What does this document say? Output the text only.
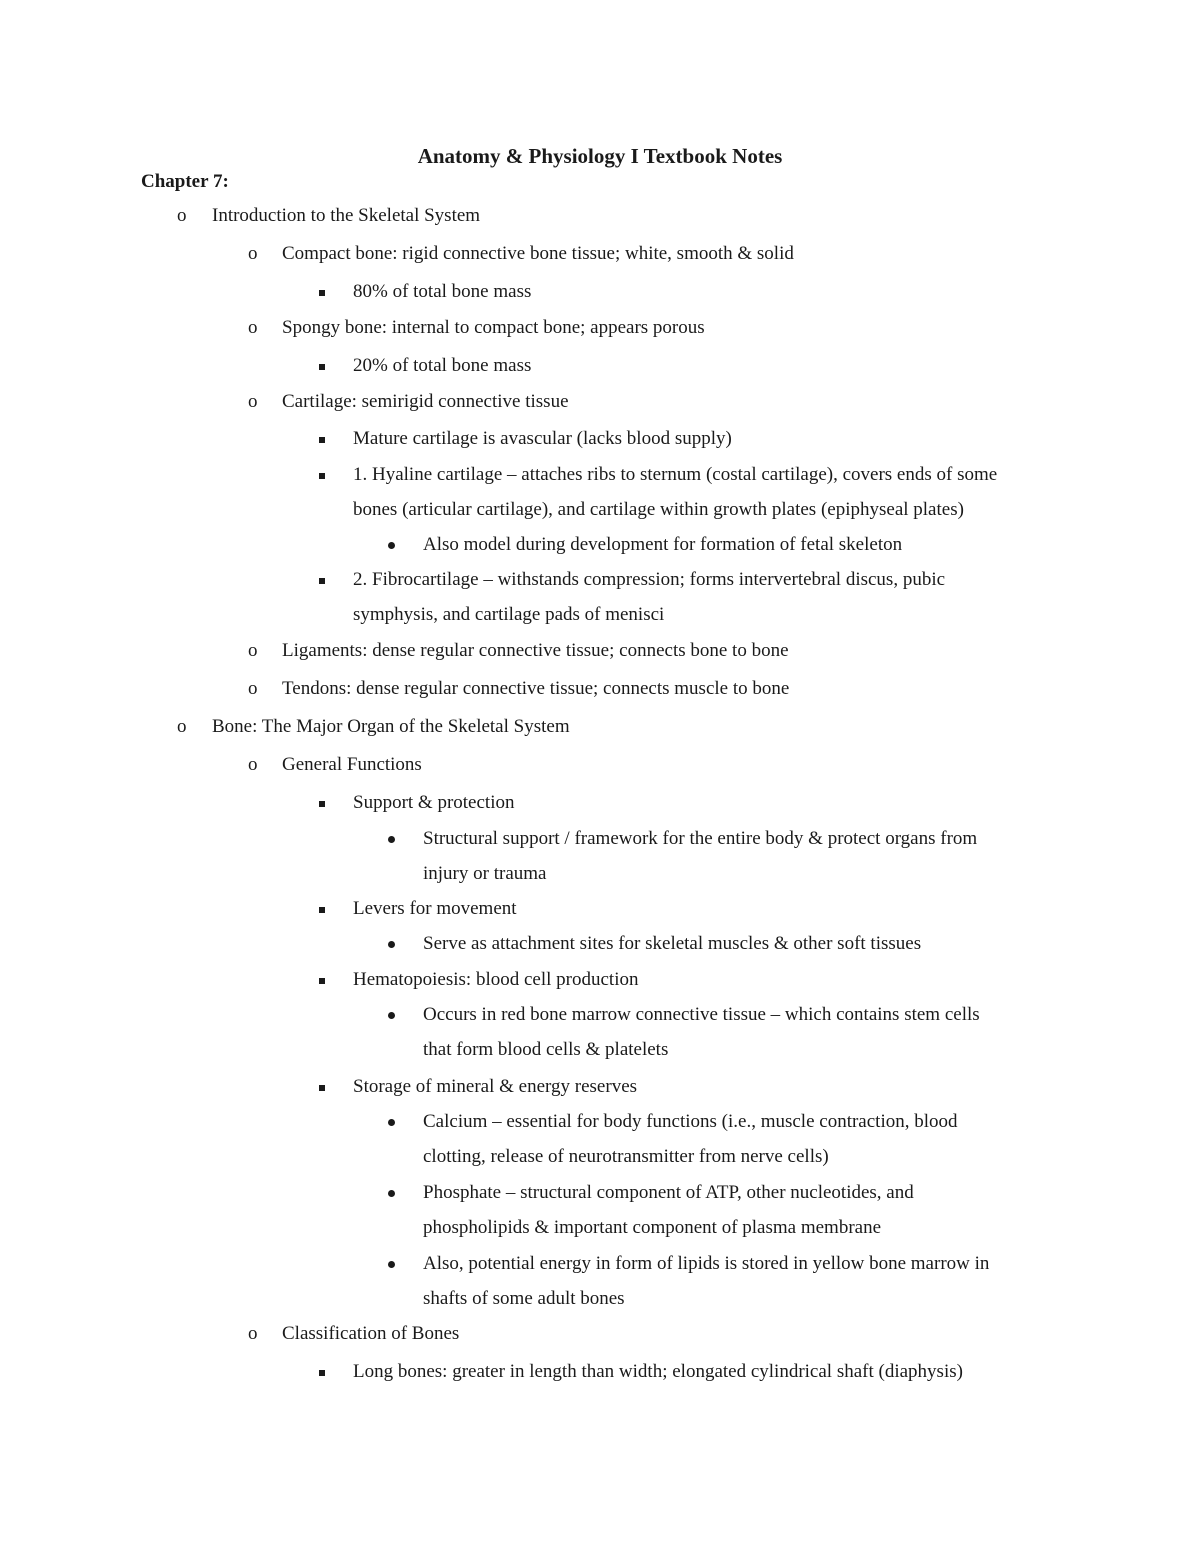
Anatomy & Physiology I Textbook Notes
Chapter 7:
o Introduction to the Skeletal System
o Compact bone: rigid connective bone tissue; white, smooth & solid
80% of total bone mass
o Spongy bone: internal to compact bone; appears porous
20% of total bone mass
o Cartilage: semirigid connective tissue
Mature cartilage is avascular (lacks blood supply)
1. Hyaline cartilage – attaches ribs to sternum (costal cartilage), covers ends of some
bones (articular cartilage), and cartilage within growth plates (epiphyseal plates)
Also model during development for formation of fetal skeleton
2. Fibrocartilage – withstands compression; forms intervertebral discus, pubic
symphysis, and cartilage pads of menisci
o Ligaments: dense regular connective tissue; connects bone to bone
o Tendons: dense regular connective tissue; connects muscle to bone
o Bone: The Major Organ of the Skeletal System
o General Functions
Support & protection
Structural support / framework for the entire body & protect organs from
injury or trauma
Levers for movement
Serve as attachment sites for skeletal muscles & other soft tissues
Hematopoiesis: blood cell production
Occurs in red bone marrow connective tissue – which contains stem cells
that form blood cells & platelets
Storage of mineral & energy reserves
Calcium – essential for body functions (i.e., muscle contraction, blood
clotting, release of neurotransmitter from nerve cells)
Phosphate – structural component of ATP, other nucleotides, and
phospholipids & important component of plasma membrane
Also, potential energy in form of lipids is stored in yellow bone marrow in
shafts of some adult bones
o Classification of Bones
Long bones: greater in length than width; elongated cylindrical shaft (diaphysis)
